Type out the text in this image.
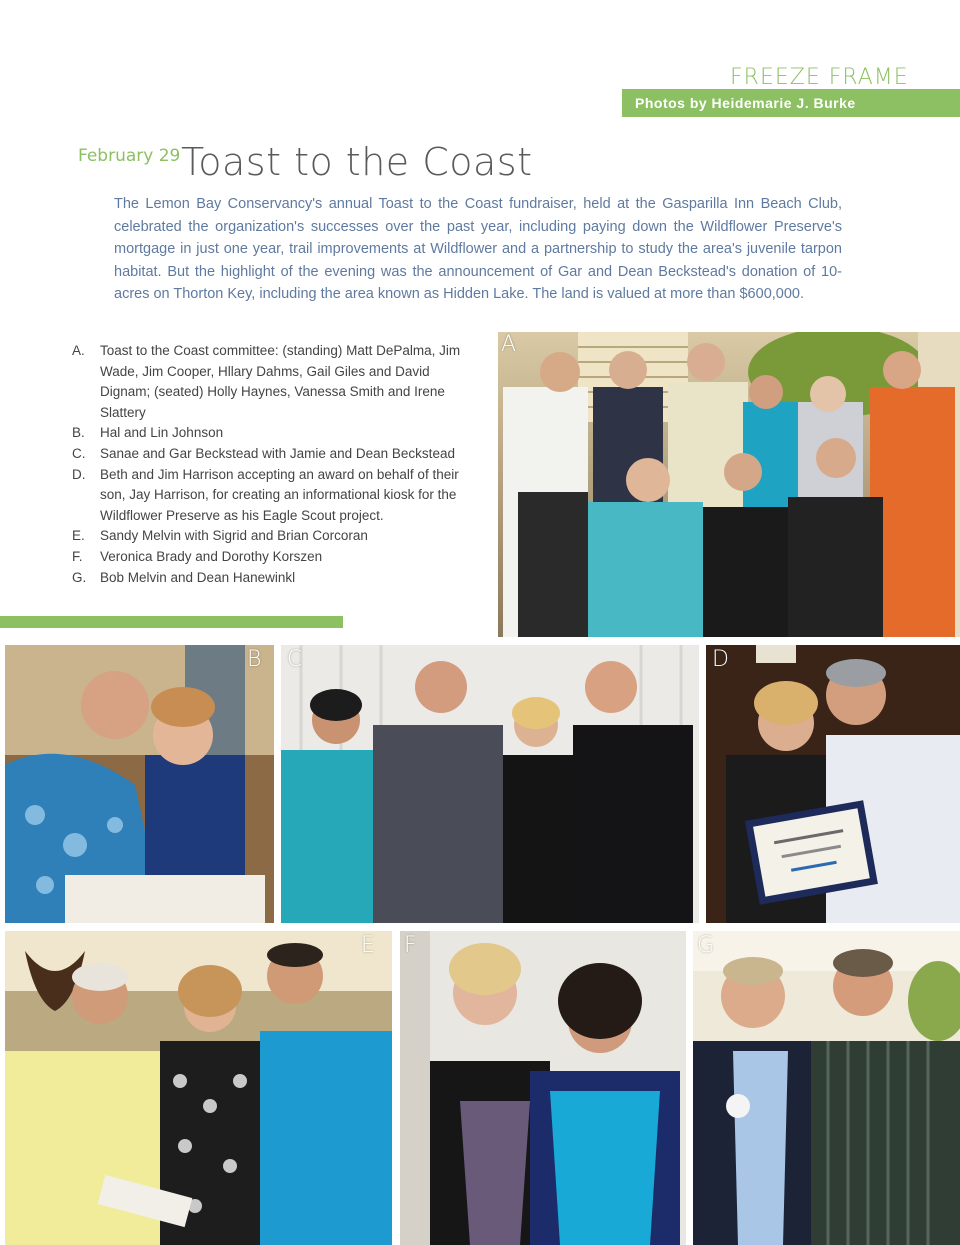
FREEZE FRAME
Photos by Heidemarie J. Burke
February 29 Toast to the Coast

The Lemon Bay Conservancy's annual Toast to the Coast fundraiser, held at the Gasparilla Inn Beach Club, celebrated the organization's successes over the past year, including paying down the Wildflower Preserve's mortgage in just one year, trail improvements at Wildflower and a partnership to study the area's juvenile tarpon habitat. But the highlight of the evening was the announcement of Gar and Dean Beckstead's donation of 10-acres on Thorton Key, including the area known as Hidden Lake. The land is valued at more than $600,000.

A.	Toast to the Coast committee: (standing) Matt DePalma, Jim Wade, Jim Cooper, Hllary Dahms, Gail Giles and David Dignam; (seated) Holly Haynes, Vanessa Smith and Irene Slattery
B.	Hal and Lin Johnson
C.	Sanae and Gar Beckstead with Jamie and Dean Beckstead
D.	Beth and Jim Harrison accepting an award on behalf of their son, Jay Harrison, for creating an informational kiosk for the Wildflower Preserve as his Eagle Scout project.
E.	Sandy Melvin with Sigrid and Brian Corcoran
F.	Veronica Brady and Dorothy Korszen
G.	Bob Melvin and Dean Hanewinkl
A
B C	D
E F	G
